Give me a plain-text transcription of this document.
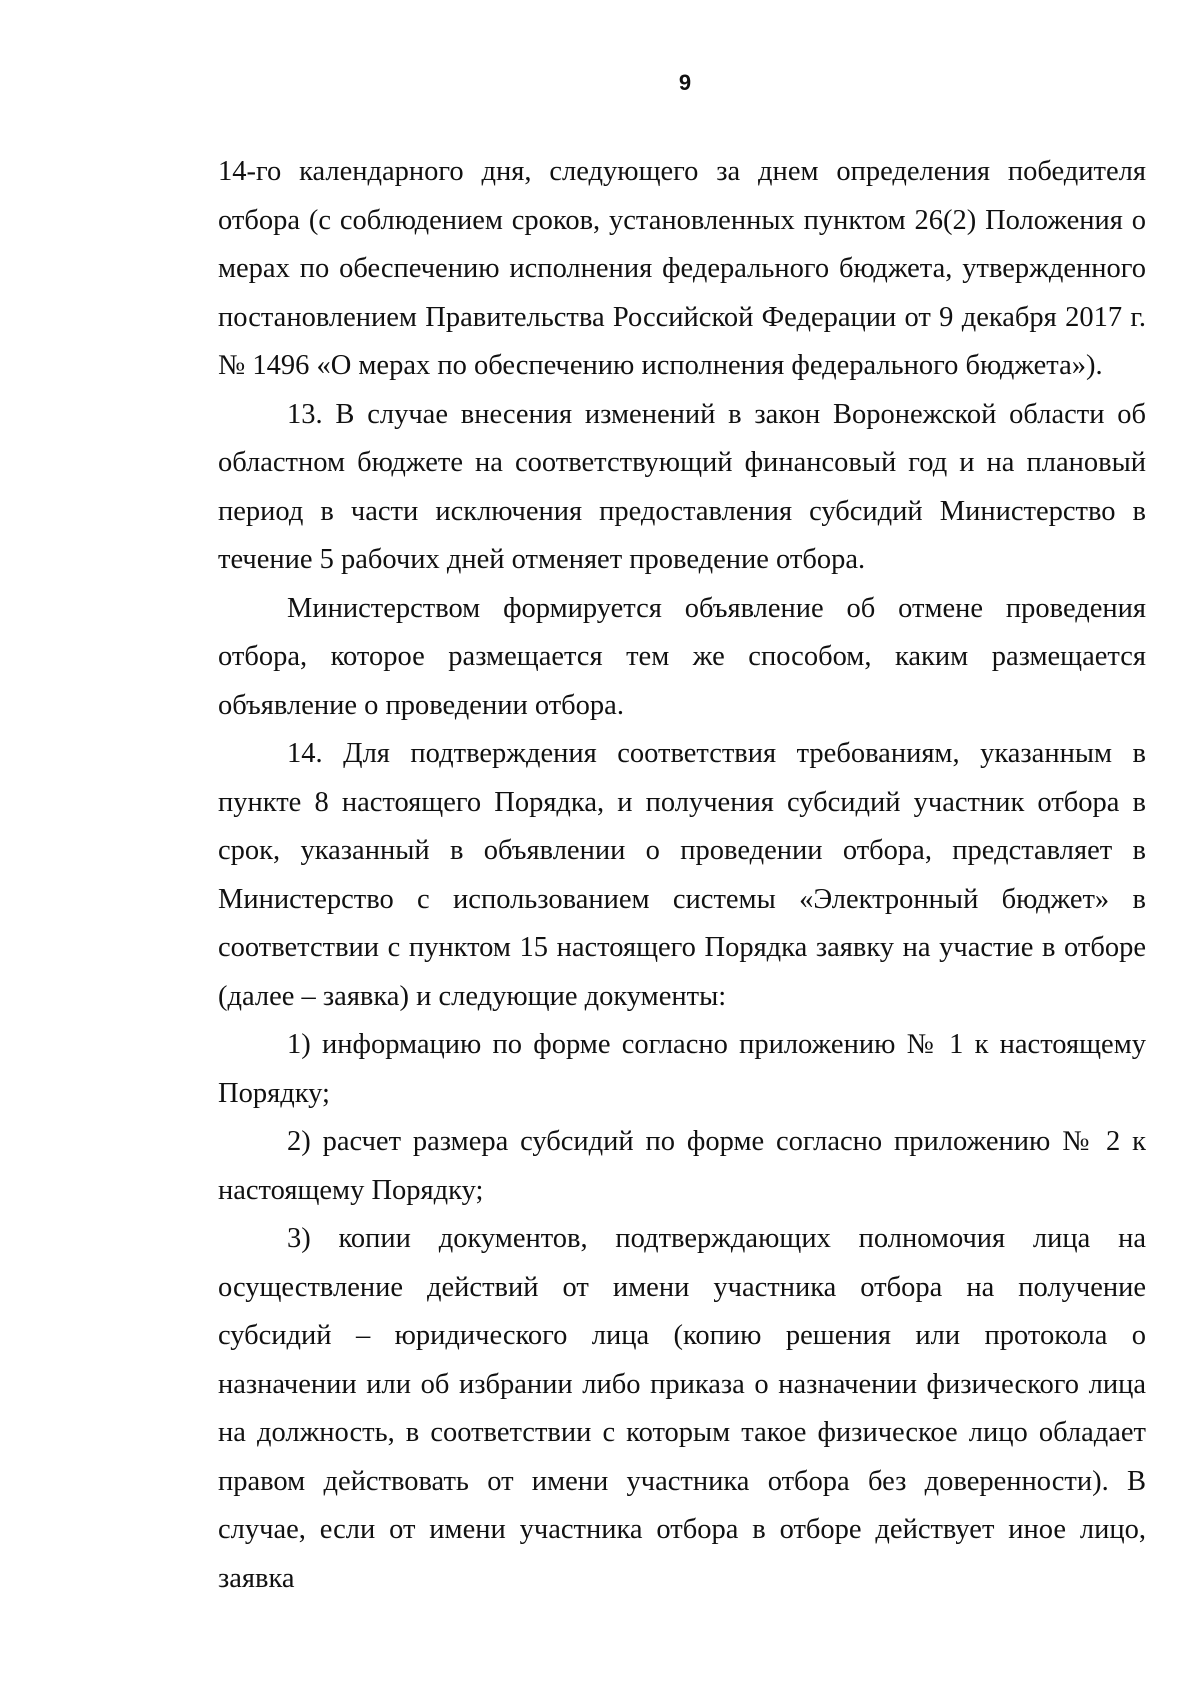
9

14-го календарного дня, следующего за днем определения победителя отбора (с соблюдением сроков, установленных пунктом 26(2) Положения о мерах по обеспечению исполнения федерального бюджета, утвержденного постановлением Правительства Российской Федерации от 9 декабря 2017 г. № 1496 «О мерах по обеспечению исполнения федерального бюджета»).

13. В случае внесения изменений в закон Воронежской области об областном бюджете на соответствующий финансовый год и на плановый период в части исключения предоставления субсидий Министерство в течение 5 рабочих дней отменяет проведение отбора.

Министерством формируется объявление об отмене проведения отбора, которое размещается тем же способом, каким размещается объявление о проведении отбора.

14. Для подтверждения соответствия требованиям, указанным в пункте 8 настоящего Порядка, и получения субсидий участник отбора в срок, указанный в объявлении о проведении отбора, представляет в Министерство с использованием системы «Электронный бюджет» в соответствии с пунктом 15 настоящего Порядка заявку на участие в отборе (далее – заявка) и следующие документы:

1) информацию по форме согласно приложению № 1 к настоящему Порядку;

2) расчет размера субсидий по форме согласно приложению № 2 к настоящему Порядку;

3) копии документов, подтверждающих полномочия лица на осуществление действий от имени участника отбора на получение субсидий – юридического лица (копию решения или протокола о назначении или об избрании либо приказа о назначении физического лица на должность, в соответствии с которым такое физическое лицо обладает правом действовать от имени участника отбора без доверенности). В случае, если от имени участника отбора в отборе действует иное лицо, заявка
